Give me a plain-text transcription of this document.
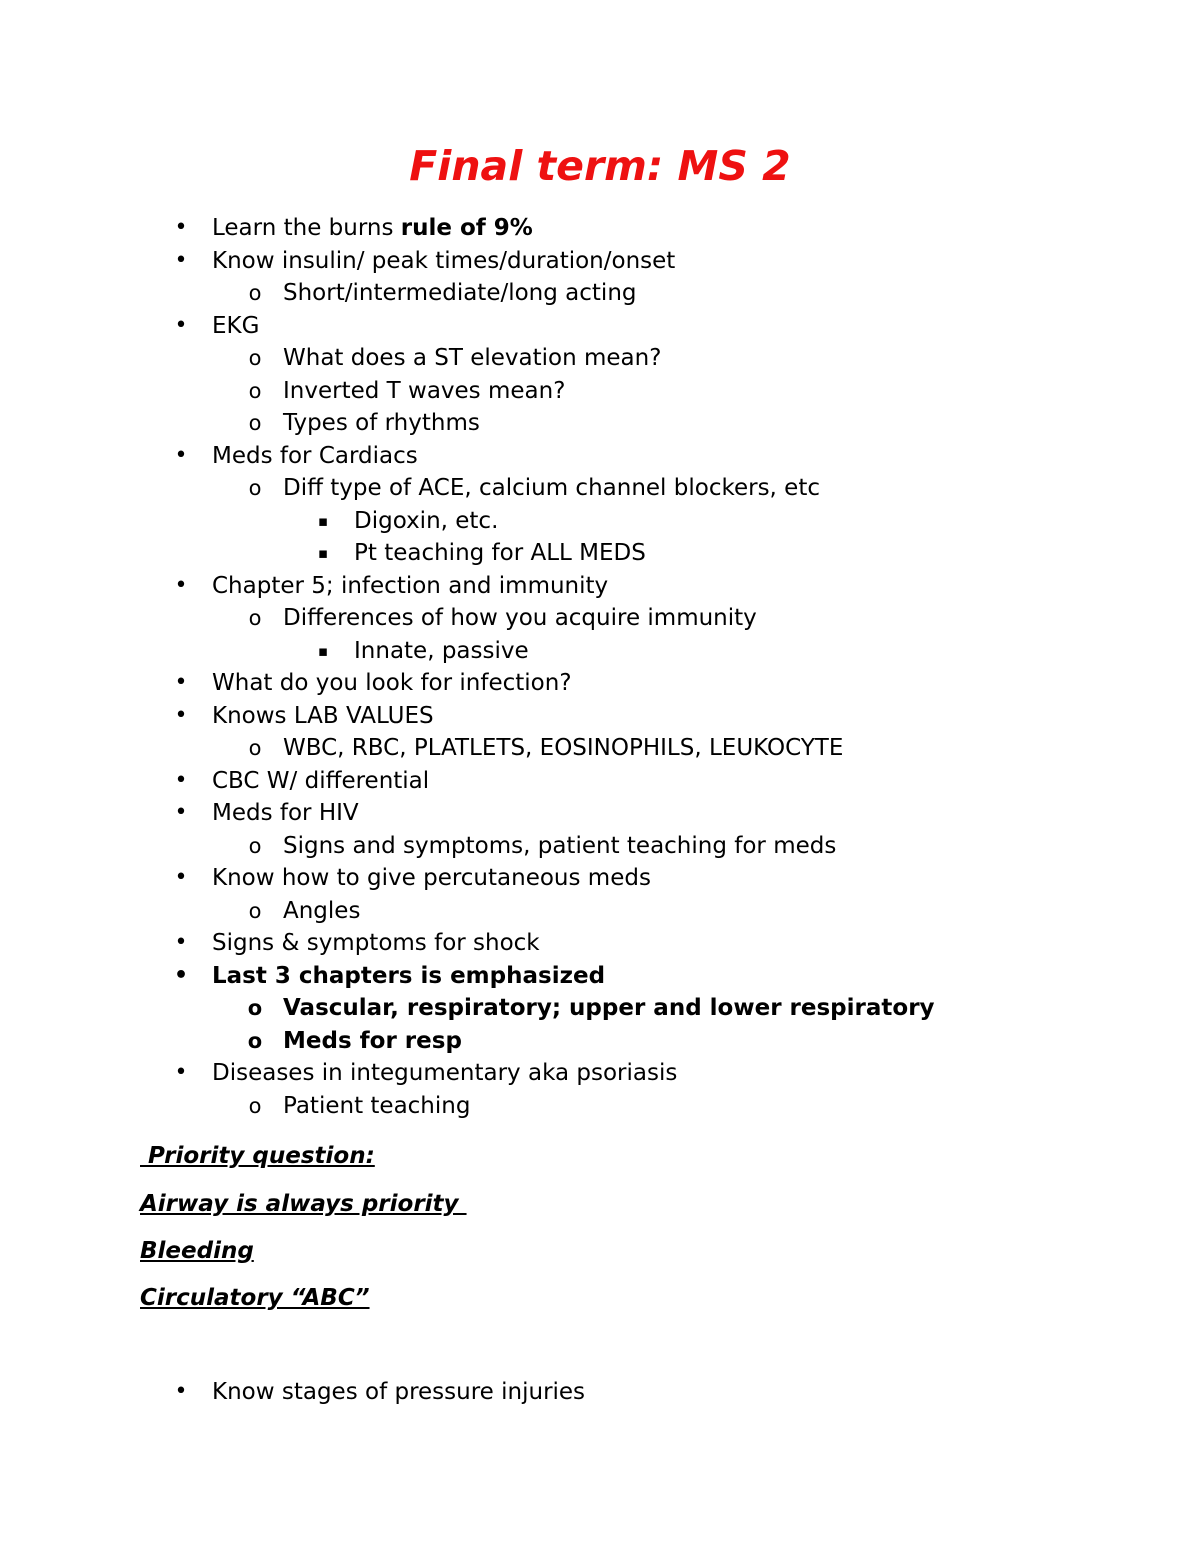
Final term: MS 2
• Learn the burns rule of 9%
• Know insulin/ peak times/duration/onset
o Short/intermediate/long acting
• EKG
o What does a ST elevation mean?
o Inverted T waves mean?
o Types of rhythms
• Meds for Cardiacs
o Diff type of ACE, calcium channel blockers, etc
▪ Digoxin, etc.
▪ Pt teaching for ALL MEDS
• Chapter 5; infection and immunity
o Differences of how you acquire immunity
▪ Innate, passive
• What do you look for infection?
• Knows LAB VALUES
o WBC, RBC, PLATLETS, EOSINOPHILS, LEUKOCYTE
• CBC W/ differential
• Meds for HIV
o Signs and symptoms, patient teaching for meds
• Know how to give percutaneous meds
o Angles
• Signs & symptoms for shock
• Last 3 chapters is emphasized
o Vascular, respiratory; upper and lower respiratory
o Meds for resp
• Diseases in integumentary aka psoriasis
o Patient teaching
Priority question:
Airway is always priority
Bleeding
Circulatory “ABC”
• Know stages of pressure injuries
